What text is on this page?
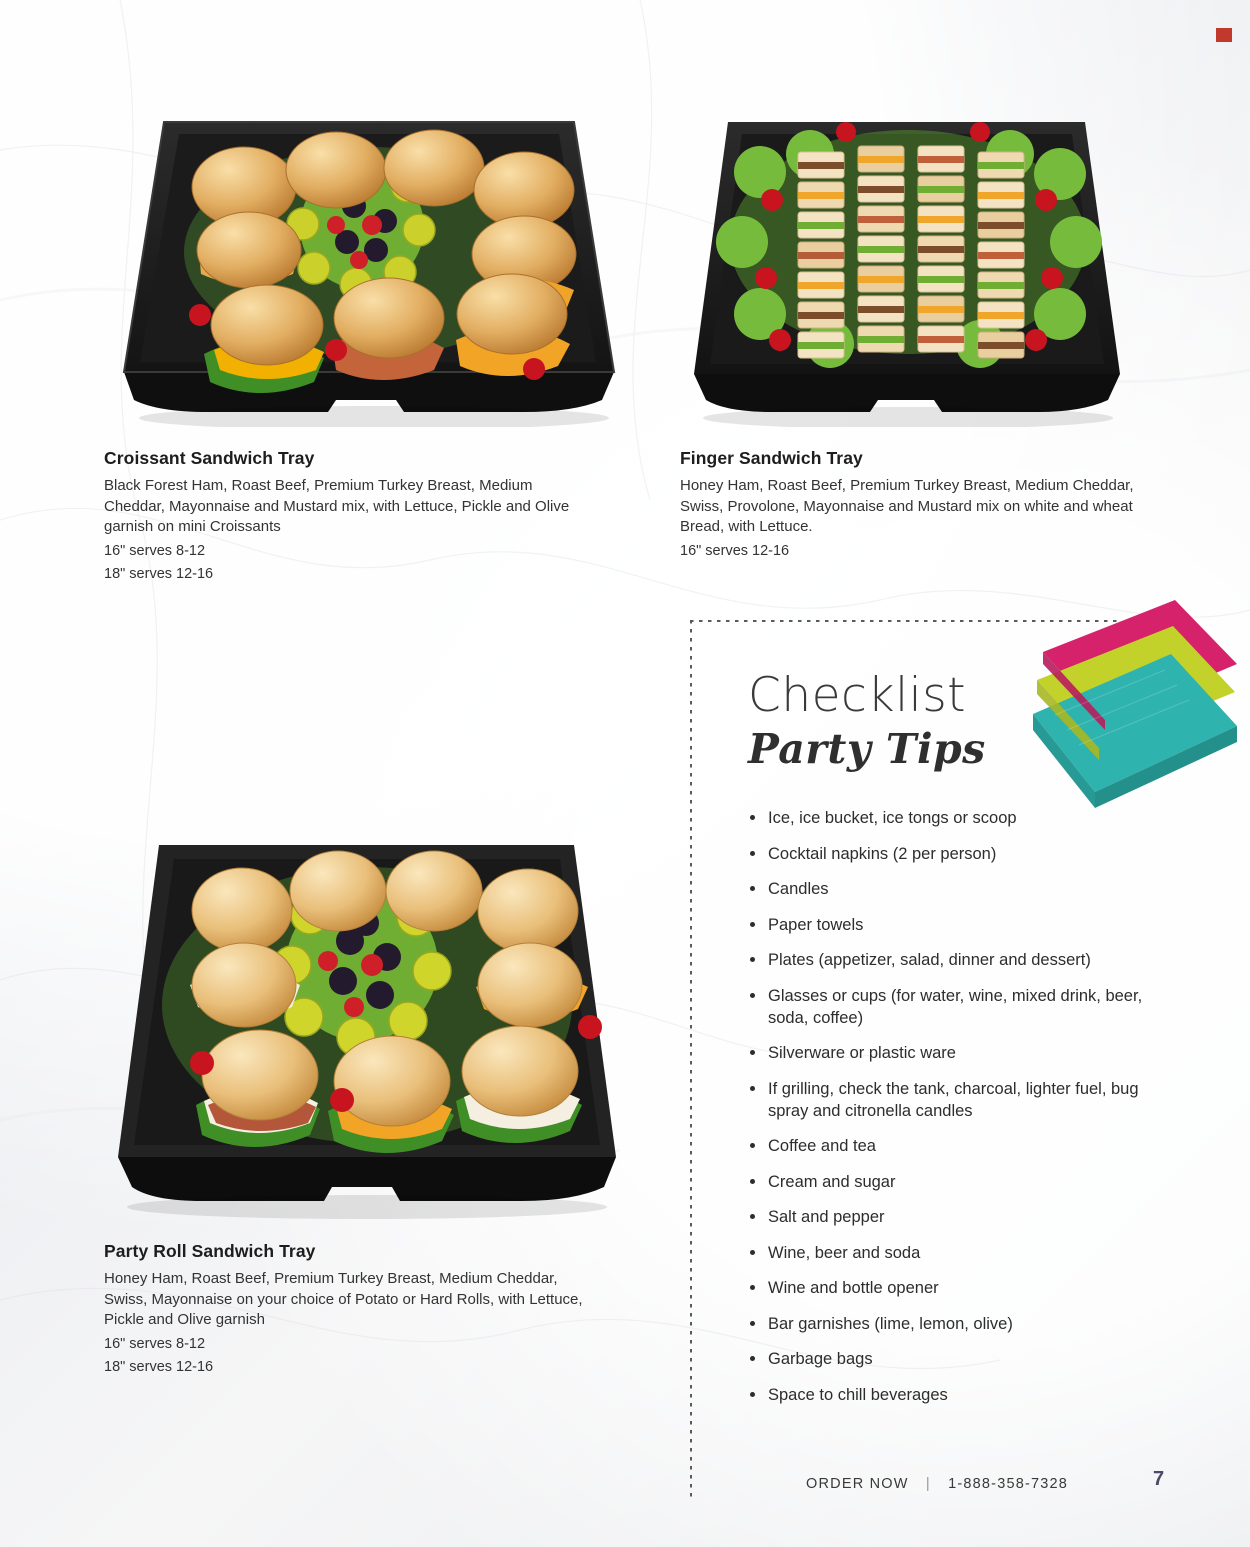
Croissant Sandwich Tray

Black Forest Ham, Roast Beef, Premium Turkey Breast, Medium Cheddar, Mayonnaise and Mustard mix, with Lettuce, Pickle and Olive garnish on mini Croissants

16" serves 8-12
18" serves 12-16
Finger Sandwich Tray

Honey Ham, Roast Beef, Premium Turkey Breast, Medium Cheddar, Swiss, Provolone, Mayonnaise and Mustard mix on white and wheat Bread, with Lettuce.

16" serves 12-16
Party Roll Sandwich Tray

Honey Ham, Roast Beef, Premium Turkey Breast, Medium Cheddar, Swiss, Mayonnaise on your choice of Potato or Hard Rolls, with Lettuce, Pickle and Olive garnish

16" serves 8-12
18" serves 12-16
Checklist
Party Tips
Ice, ice bucket, ice tongs or scoop
Cocktail napkins (2 per person)
Candles
Paper towels
Plates (appetizer, salad, dinner and dessert)
Glasses or cups (for water, wine, mixed drink, beer, soda, coffee)
Silverware or plastic ware
If grilling, check the tank, charcoal, lighter fuel, bug spray and citronella candles
Coffee and tea
Cream and sugar
Salt and pepper
Wine, beer and soda
Wine and bottle opener
Bar garnishes (lime, lemon, olive)
Garbage bags
Space to chill beverages
ORDER NOW | 1-888-358-7328	7
